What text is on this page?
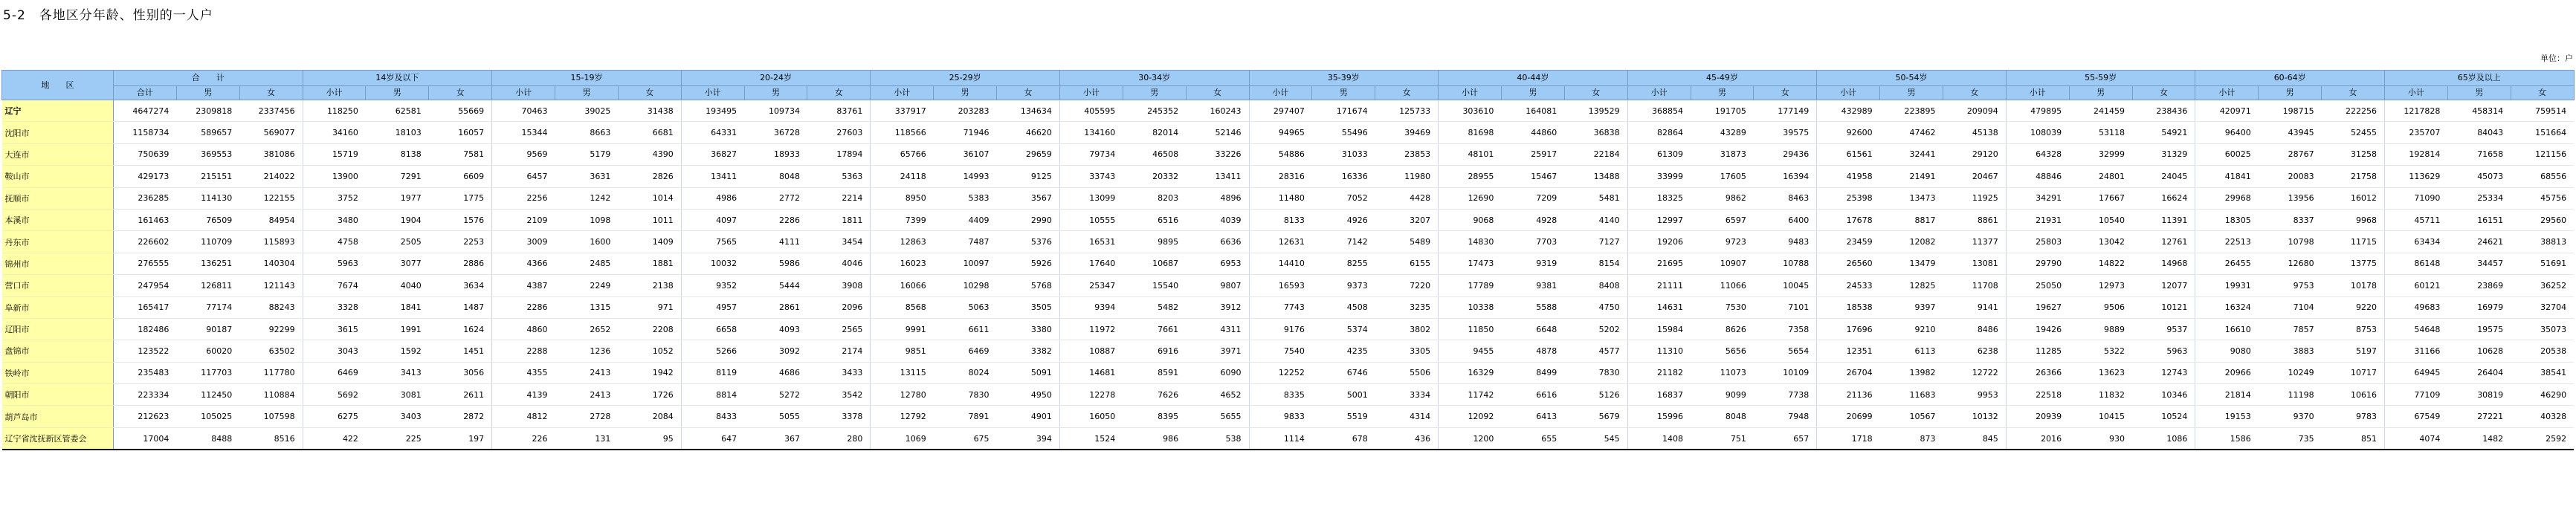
5-2　各地区分年龄、性别的一人户
单位：户
地　　区	合　　计			14岁及以下			15-19岁			20-24岁			25-29岁			30-34岁			35-39岁			40-44岁			45-49岁			50-54岁			55-59岁			60-64岁			65岁及以上		
	合计	男	女	小计	男	女	小计	男	女	小计	男	女	小计	男	女	小计	男	女	小计	男	女	小计	男	女	小计	男	女	小计	男	女	小计	男	女	小计	男	女	小计	男	女
辽宁	4647274	2309818	2337456	118250	62581	55669	70463	39025	31438	193495	109734	83761	337917	203283	134634	405595	245352	160243	297407	171674	125733	303610	164081	139529	368854	191705	177149	432989	223895	209094	479895	241459	238436	420971	198715	222256	1217828	458314	759514
沈阳市	1158734	589657	569077	34160	18103	16057	15344	8663	6681	64331	36728	27603	118566	71946	46620	134160	82014	52146	94965	55496	39469	81698	44860	36838	82864	43289	39575	92600	47462	45138	108039	53118	54921	96400	43945	52455	235707	84043	151664
大连市	750639	369553	381086	15719	8138	7581	9569	5179	4390	36827	18933	17894	65766	36107	29659	79734	46508	33226	54886	31033	23853	48101	25917	22184	61309	31873	29436	61561	32441	29120	64328	32999	31329	60025	28767	31258	192814	71658	121156
鞍山市	429173	215151	214022	13900	7291	6609	6457	3631	2826	13411	8048	5363	24118	14993	9125	33743	20332	13411	28316	16336	11980	28955	15467	13488	33999	17605	16394	41958	21491	20467	48846	24801	24045	41841	20083	21758	113629	45073	68556
抚顺市	236285	114130	122155	3752	1977	1775	2256	1242	1014	4986	2772	2214	8950	5383	3567	13099	8203	4896	11480	7052	4428	12690	7209	5481	18325	9862	8463	25398	13473	11925	34291	17667	16624	29968	13956	16012	71090	25334	45756
本溪市	161463	76509	84954	3480	1904	1576	2109	1098	1011	4097	2286	1811	7399	4409	2990	10555	6516	4039	8133	4926	3207	9068	4928	4140	12997	6597	6400	17678	8817	8861	21931	10540	11391	18305	8337	9968	45711	16151	29560
丹东市	226602	110709	115893	4758	2505	2253	3009	1600	1409	7565	4111	3454	12863	7487	5376	16531	9895	6636	12631	7142	5489	14830	7703	7127	19206	9723	9483	23459	12082	11377	25803	13042	12761	22513	10798	11715	63434	24621	38813
锦州市	276555	136251	140304	5963	3077	2886	4366	2485	1881	10032	5986	4046	16023	10097	5926	17640	10687	6953	14410	8255	6155	17473	9319	8154	21695	10907	10788	26560	13479	13081	29790	14822	14968	26455	12680	13775	86148	34457	51691
营口市	247954	126811	121143	7674	4040	3634	4387	2249	2138	9352	5444	3908	16066	10298	5768	25347	15540	9807	16593	9373	7220	17789	9381	8408	21111	11066	10045	24533	12825	11708	25050	12973	12077	19931	9753	10178	60121	23869	36252
阜新市	165417	77174	88243	3328	1841	1487	2286	1315	971	4957	2861	2096	8568	5063	3505	9394	5482	3912	7743	4508	3235	10338	5588	4750	14631	7530	7101	18538	9397	9141	19627	9506	10121	16324	7104	9220	49683	16979	32704
辽阳市	182486	90187	92299	3615	1991	1624	4860	2652	2208	6658	4093	2565	9991	6611	3380	11972	7661	4311	9176	5374	3802	11850	6648	5202	15984	8626	7358	17696	9210	8486	19426	9889	9537	16610	7857	8753	54648	19575	35073
盘锦市	123522	60020	63502	3043	1592	1451	2288	1236	1052	5266	3092	2174	9851	6469	3382	10887	6916	3971	7540	4235	3305	9455	4878	4577	11310	5656	5654	12351	6113	6238	11285	5322	5963	9080	3883	5197	31166	10628	20538
铁岭市	235483	117703	117780	6469	3413	3056	4355	2413	1942	8119	4686	3433	13115	8024	5091	14681	8591	6090	12252	6746	5506	16329	8499	7830	21182	11073	10109	26704	13982	12722	26366	13623	12743	20966	10249	10717	64945	26404	38541
朝阳市	223334	112450	110884	5692	3081	2611	4139	2413	1726	8814	5272	3542	12780	7830	4950	12278	7626	4652	8335	5001	3334	11742	6616	5126	16837	9099	7738	21136	11683	9953	22518	11832	10346	21814	11198	10616	77109	30819	46290
葫芦岛市	212623	105025	107598	6275	3403	2872	4812	2728	2084	8433	5055	3378	12792	7891	4901	16050	8395	5655	9833	5519	4314	12092	6413	5679	15996	8048	7948	20699	10567	10132	20939	10415	10524	19153	9370	9783	67549	27221	40328
辽宁省沈抚新区管委会	17004	8488	8516	422	225	197	226	131	95	647	367	280	1069	675	394	1524	986	538	1114	678	436	1200	655	545	1408	751	657	1718	873	845	2016	930	1086	1586	735	851	4074	1482	2592
